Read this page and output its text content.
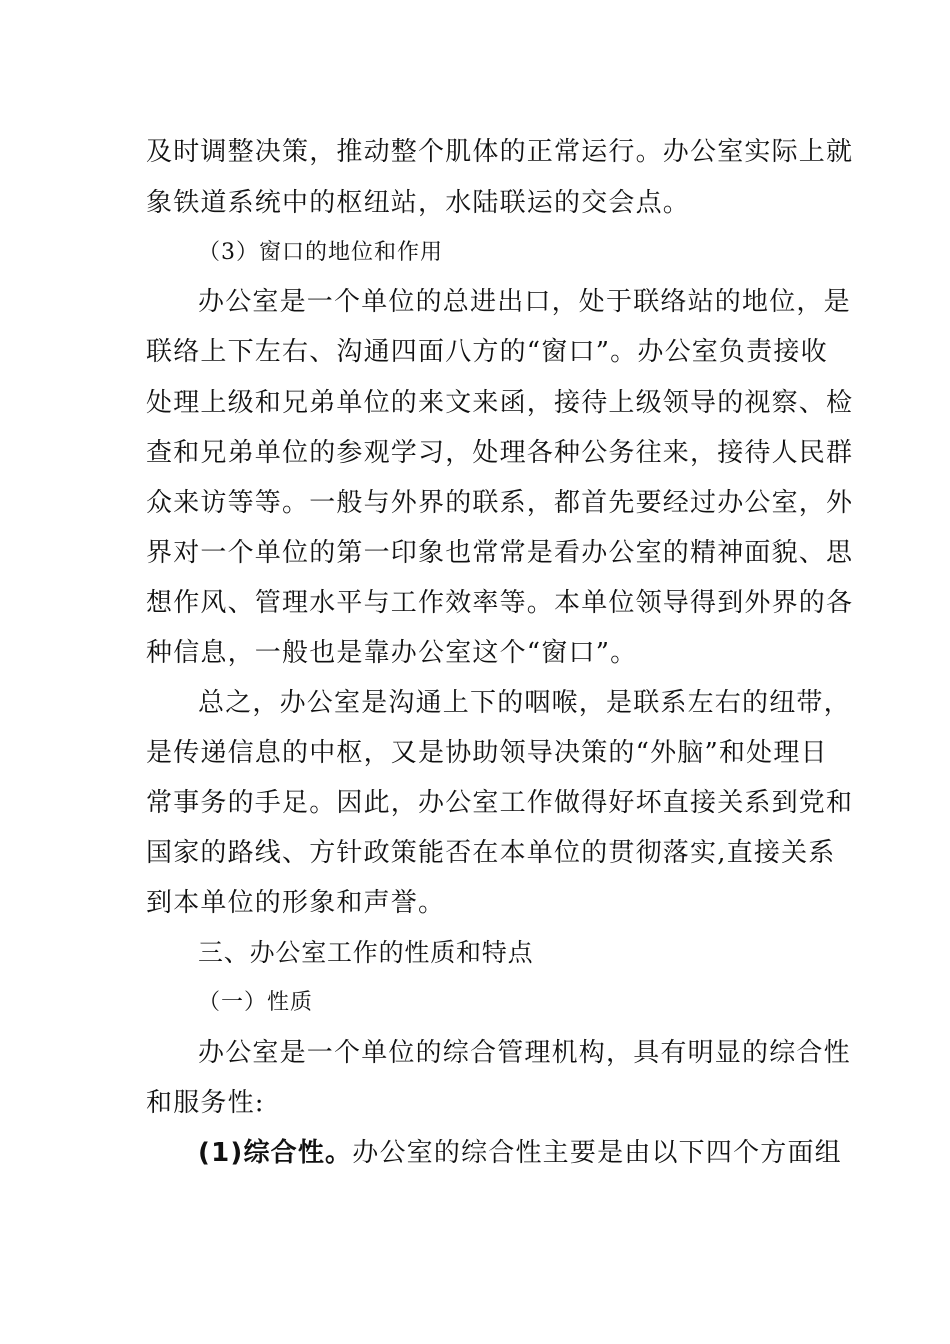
及时调整决策，推动整个肌体的正常运行。办公室实际上就
象铁道系统中的枢纽站，水陆联运的交会点。
（3）窗口的地位和作用
办公室是一个单位的总进出口，处于联络站的地位，是
联络上下左右、沟通四面八方的“窗口”。办公室负责接收
处理上级和兄弟单位的来文来函，接待上级领导的视察、检
查和兄弟单位的参观学习，处理各种公务往来，接待人民群
众来访等等。一般与外界的联系，都首先要经过办公室，外
界对一个单位的第一印象也常常是看办公室的精神面貌、思
想作风、管理水平与工作效率等。本单位领导得到外界的各
种信息，一般也是靠办公室这个“窗口”。
总之，办公室是沟通上下的咽喉，是联系左右的纽带，
是传递信息的中枢，又是协助领导决策的“外脑”和处理日
常事务的手足。因此，办公室工作做得好坏直接关系到党和
国家的路线、方针政策能否在本单位的贯彻落实,直接关系
到本单位的形象和声誉。
三、办公室工作的性质和特点
（一）性质
办公室是一个单位的综合管理机构，具有明显的综合性
和服务性:
(1)综合性。办公室的综合性主要是由以下四个方面组
